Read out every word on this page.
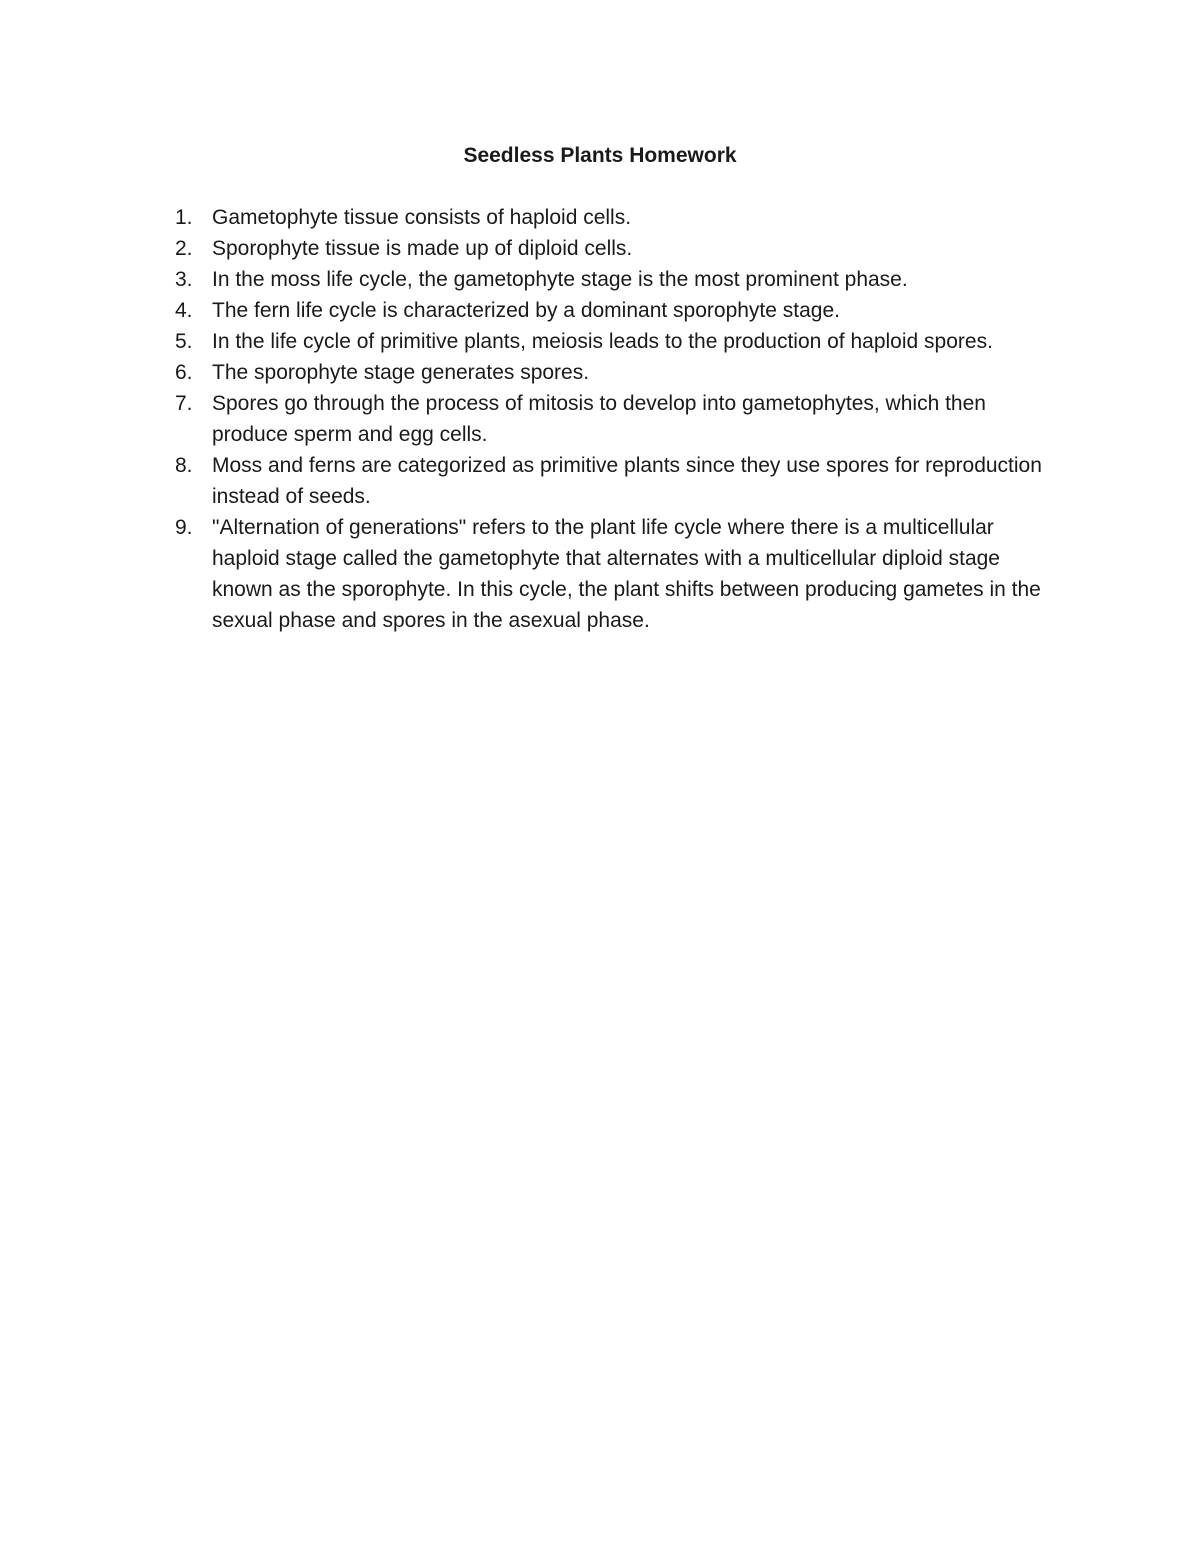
Seedless Plants Homework
1. Gametophyte tissue consists of haploid cells.
2. Sporophyte tissue is made up of diploid cells.
3. In the moss life cycle, the gametophyte stage is the most prominent phase.
4. The fern life cycle is characterized by a dominant sporophyte stage.
5. In the life cycle of primitive plants, meiosis leads to the production of haploid spores.
6. The sporophyte stage generates spores.
7. Spores go through the process of mitosis to develop into gametophytes, which then produce sperm and egg cells.
8. Moss and ferns are categorized as primitive plants since they use spores for reproduction instead of seeds.
9. "Alternation of generations" refers to the plant life cycle where there is a multicellular haploid stage called the gametophyte that alternates with a multicellular diploid stage known as the sporophyte. In this cycle, the plant shifts between producing gametes in the sexual phase and spores in the asexual phase.
